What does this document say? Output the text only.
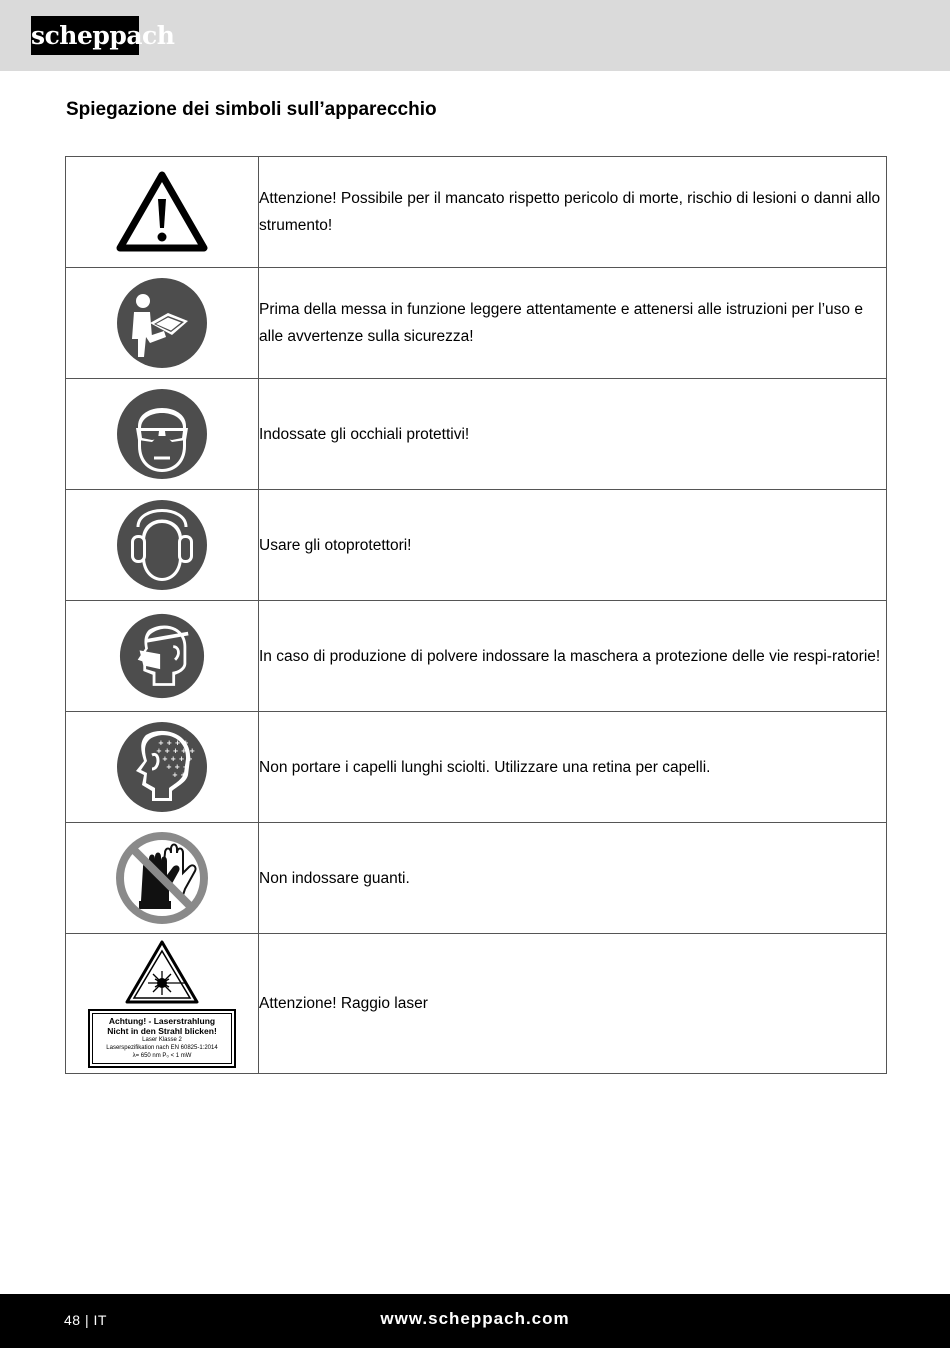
scheppach
Spiegazione dei simboli sull’apparecchio
	Attenzione! Possibile per il mancato rispetto pericolo di morte, rischio di lesioni o danni allo strumento!

	Prima della messa in funzione leggere attentamente e attenersi alle istruzioni per l’uso e alle avvertenze sulla sicurezza!

	Indossate gli occhiali protettivi!

	Usare gli otoprotettori!

	In caso di produzione di polvere indossare la maschera a protezione delle vie respi-ratorie!

+ + + +
+ + + + +
+ + + +
+ + +
+ +	Non portare i capelli lunghi sciolti. Utilizzare una retina per capelli.

	Non indossare guanti.

Achtung! - Laserstrahlung
Nicht in den Strahl blicken!
Laser Klasse 2
Laserspezifikation nach EN 60825-1:2014
λ= 650 nm P₀ < 1 mW	Attenzione! Raggio laser
48 | IT	www.scheppach.com
